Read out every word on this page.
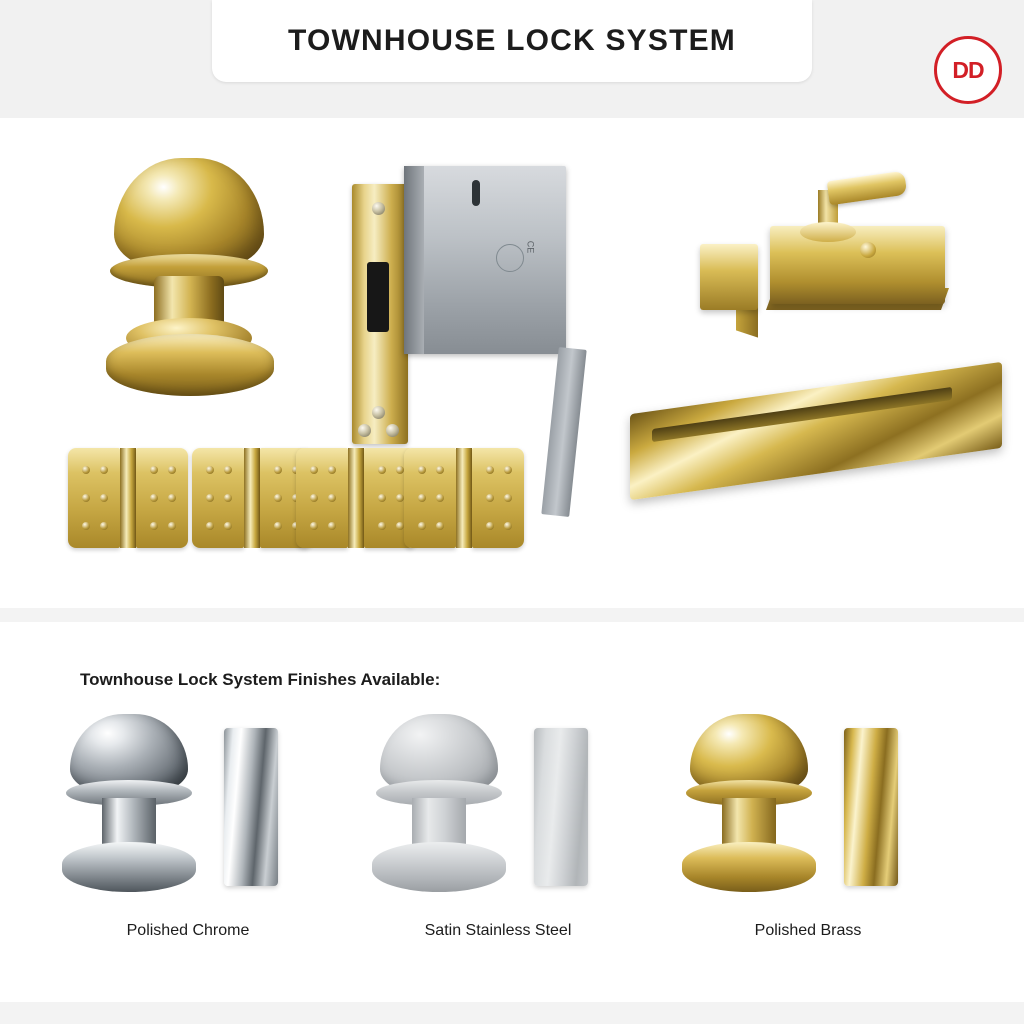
TOWNHOUSE LOCK SYSTEM
DD
CE
Townhouse Lock System Finishes Available:
Polished Chrome	Satin Stainless Steel	Polished Brass
